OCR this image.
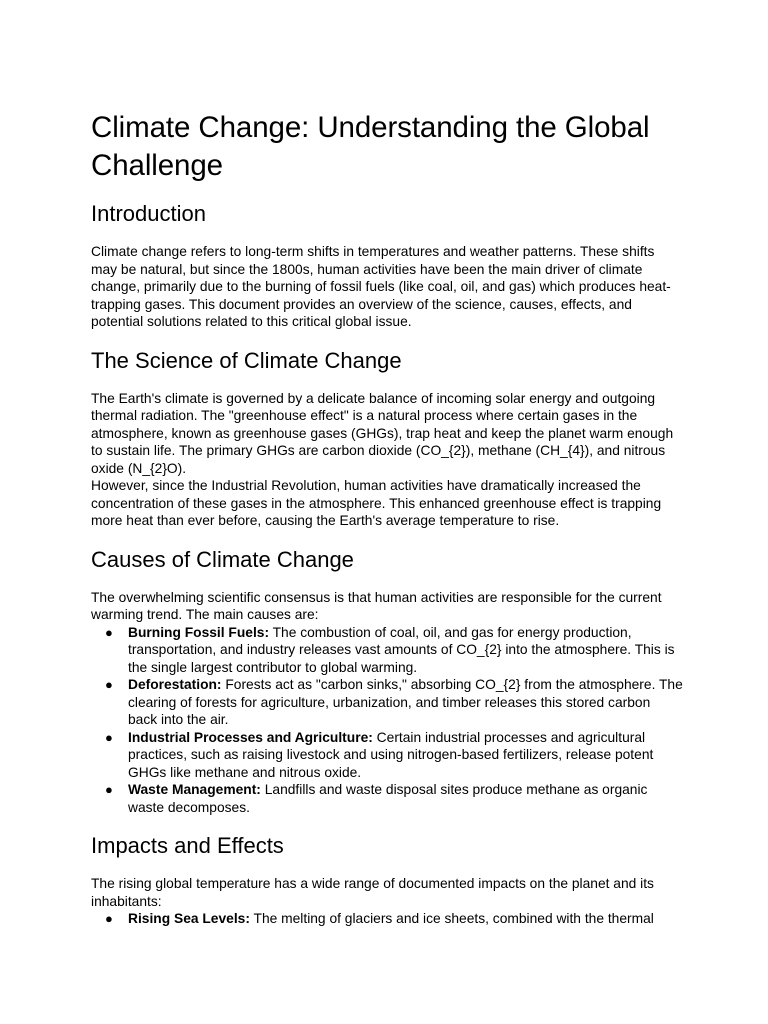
Climate Change: Understanding the Global Challenge
Introduction

Climate change refers to long-term shifts in temperatures and weather patterns. These shifts may be natural, but since the 1800s, human activities have been the main driver of climate change, primarily due to the burning of fossil fuels (like coal, oil, and gas) which produces heat-trapping gases. This document provides an overview of the science, causes, effects, and potential solutions related to this critical global issue.

The Science of Climate Change

The Earth's climate is governed by a delicate balance of incoming solar energy and outgoing thermal radiation. The "greenhouse effect" is a natural process where certain gases in the atmosphere, known as greenhouse gases (GHGs), trap heat and keep the planet warm enough to sustain life. The primary GHGs are carbon dioxide (CO_{2}), methane (CH_{4}), and nitrous oxide (N_{2}O).

However, since the Industrial Revolution, human activities have dramatically increased the concentration of these gases in the atmosphere. This enhanced greenhouse effect is trapping more heat than ever before, causing the Earth's average temperature to rise.

Causes of Climate Change

The overwhelming scientific consensus is that human activities are responsible for the current warming trend. The main causes are:

● Burning Fossil Fuels: The combustion of coal, oil, and gas for energy production, transportation, and industry releases vast amounts of CO_{2} into the atmosphere. This is the single largest contributor to global warming.
● Deforestation: Forests act as "carbon sinks," absorbing CO_{2} from the atmosphere. The clearing of forests for agriculture, urbanization, and timber releases this stored carbon back into the air.
● Industrial Processes and Agriculture: Certain industrial processes and agricultural practices, such as raising livestock and using nitrogen-based fertilizers, release potent GHGs like methane and nitrous oxide.
● Waste Management: Landfills and waste disposal sites produce methane as organic waste decomposes.
Impacts and Effects

The rising global temperature has a wide range of documented impacts on the planet and its inhabitants:

● Rising Sea Levels: The melting of glaciers and ice sheets, combined with the thermal
